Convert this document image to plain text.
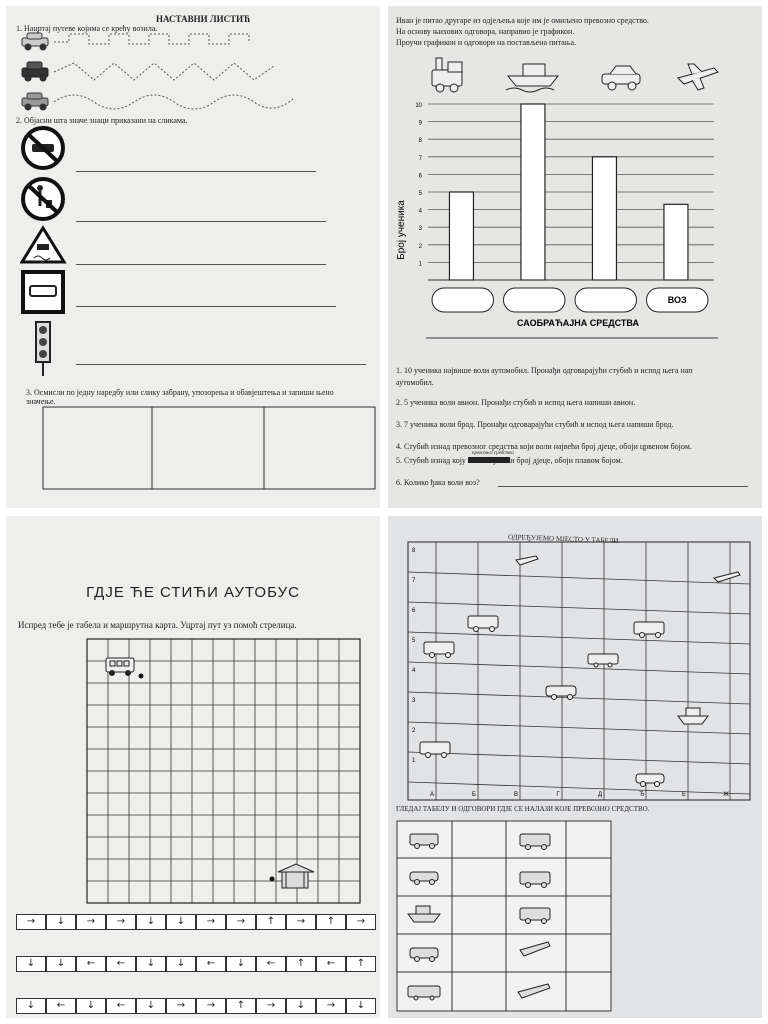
НАСТАВНИ ЛИСТИЋ
1. Нацртај путеве којима се крећу возила.
2. Објасни шта значе знаци приказани на сликама.
3. Осмисли по једну наредбу или слику забрану, упозорења и обавјештења и запиши њено
значење.
Иван је питао другаре из одјељења које им је омиљено превозно средство.
На основу њихових одговора, направио је графикон.
Проучи графикон и одговори на постављена питања.
1
2
3
4
5
6
7
8
9
10
Број ученика
ВОЗ
САОБРАЋАЈНА СРЕДСТВА
1. 10 ученика највише воли аутомобил. Пронађи одговарајући стубић и испод њега нап
аутомобил.
2. 5 ученика воли авион. Пронађи стубић и испод њега напиши авион.
3. 7 ученика воли брод. Пронађи одговарајући стубић и испод њега напиши брод.
4. Стубић изнад превозног средства који воли највећи број дјеце, обоји црвеном бојом.
превозног средства
5. Стубић изнад коју воли најмањи број дјеце, обоји плавом бојом.
6. Колико ђака воли воз?
ГДЈЕ ЋЕ СТИЋИ АУТОБУС
Испред тебе је табела и маршрутна карта. Уцртај пут уз помоћ стрелица.
→	↓	→	→	↓	↓	→	→	↑	→	↑	→
↓	↓	←	←	↓	↓	←	↓	←	↑	←	↑
↓	←	↓	←	↓	→	→	↑	→	↓	→	↓
ОДРЕЂУЈЕМО МЈЕСТО У ТАБЕЛИ
8
7
6
5
4
3
2
1
А	Б	В	Г	Д	Ђ	Е	Ж
ГЛЕДАЈ ТАБЕЛУ И ОДГОВОРИ ГДЈЕ СЕ НАЛАЗИ КОЈЕ ПРЕВОЗНО СРЕДСТВО.
